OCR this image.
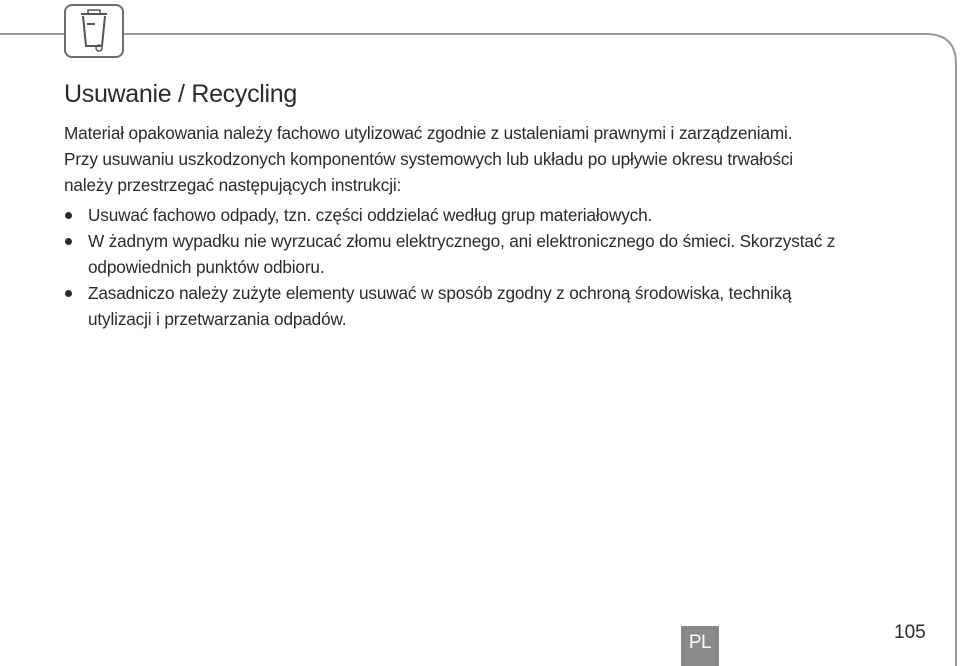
Usuwanie / Recycling

Materiał opakowania należy fachowo utylizować zgodnie z ustaleniami prawnymi i zarządzeniami.
Przy usuwaniu uszkodzonych komponentów systemowych lub układu po upływie okresu trwałości
należy przestrzegać następujących instrukcji:

Usuwać fachowo odpady, tzn. części oddzielać według grup materiałowych.
W żadnym wypadku nie wyrzucać złomu elektrycznego, ani elektronicznego do śmieci. Skorzystać z
odpowiednich punktów odbioru.
Zasadniczo należy zużyte elementy usuwać w sposób zgodny z ochroną środowiska, techniką
utylizacji i przetwarzania odpadów.
PL	105
